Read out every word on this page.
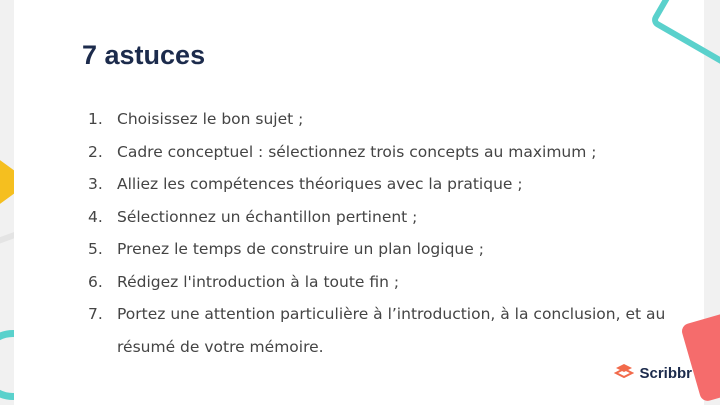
7 astuces
1. Choisissez le bon sujet ;
2. Cadre conceptuel : sélectionnez trois concepts au maximum ;
3. Alliez les compétences théoriques avec la pratique ;
4. Sélectionnez un échantillon pertinent ;
5. Prenez le temps de construire un plan logique ;
6. Rédigez l'introduction à la toute fin ;
7. Portez une attention particulière à l’introduction, à la conclusion, et au résumé de votre mémoire.
Scribbr
